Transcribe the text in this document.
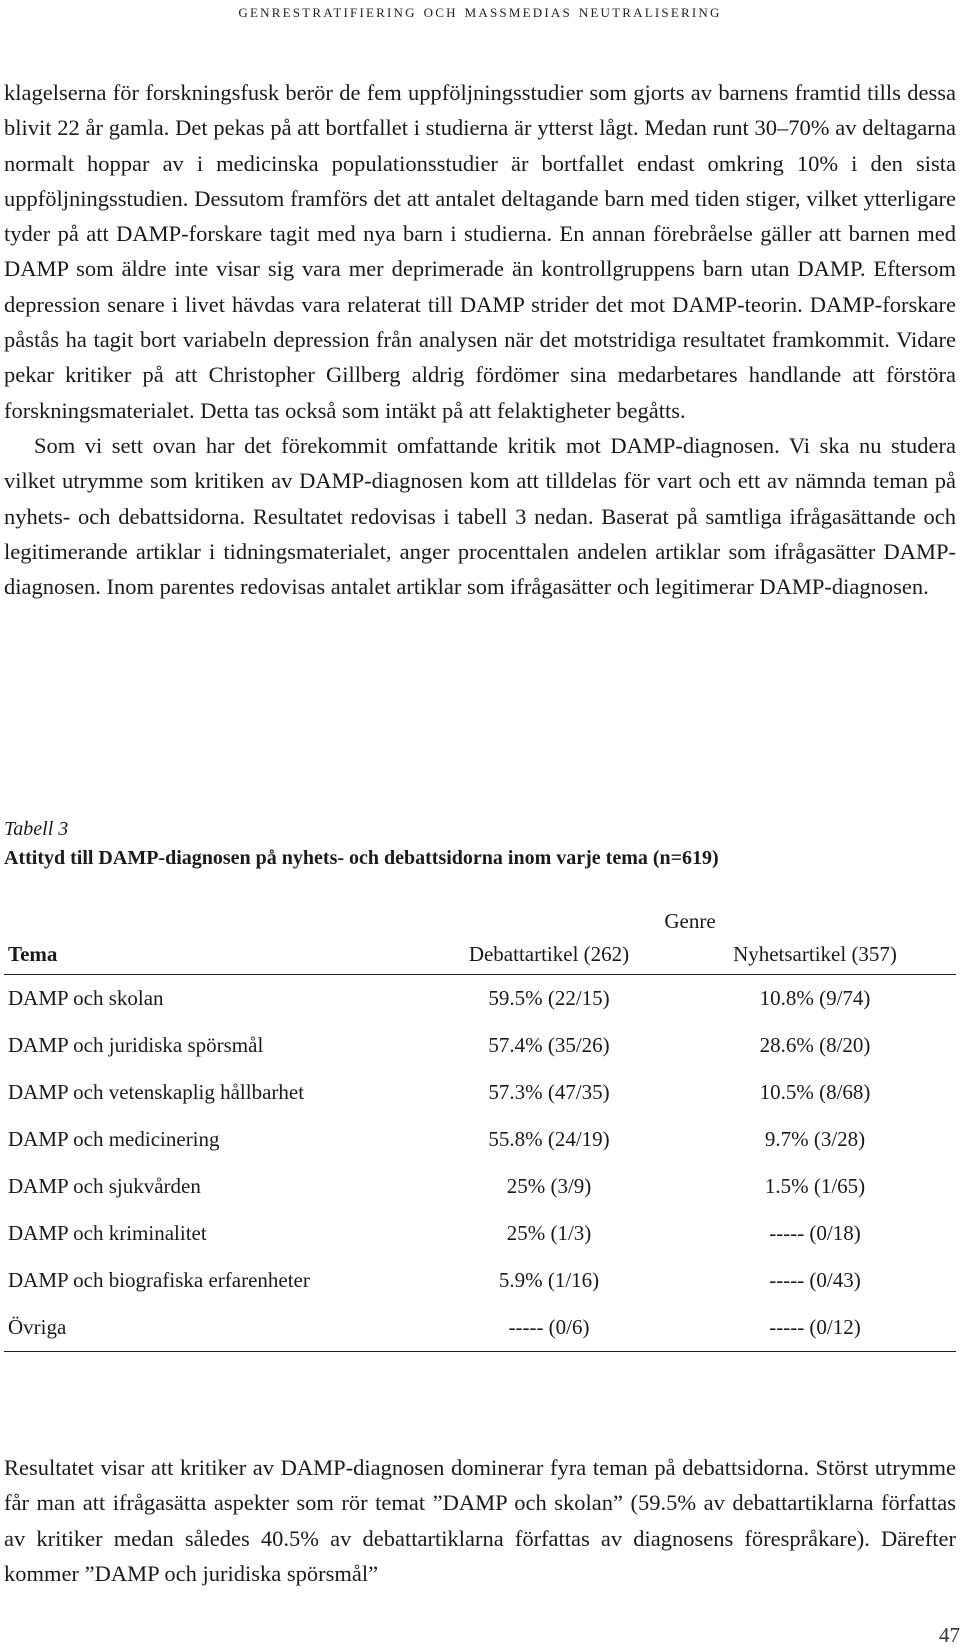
genrestratifiering och massmedias neutralisering

klagelserna för forskningsfusk berör de fem uppföljningsstudier som gjorts av barnens framtid tills dessa blivit 22 år gamla. Det pekas på att bortfallet i studierna är ytterst lågt. Medan runt 30–70% av deltagarna normalt hoppar av i medicinska populationsstudier är bortfallet endast omkring 10% i den sista uppföljningsstudien. Dessutom framförs det att antalet deltagande barn med tiden stiger, vilket ytterligare tyder på att DAMP-forskare tagit med nya barn i studierna. En annan förebråelse gäller att barnen med DAMP som äldre inte visar sig vara mer deprimerade än kontrollgruppens barn utan DAMP. Eftersom depression senare i livet hävdas vara relaterat till DAMP strider det mot DAMP-teorin. DAMP-forskare påstås ha tagit bort variabeln depression från analysen när det motstridiga resultatet framkommit. Vidare pekar kritiker på att Christopher Gillberg aldrig fördömer sina medarbetares handlande att förstöra forskningsmaterialet. Detta tas också som intäkt på att felaktigheter begåtts.

Som vi sett ovan har det förekommit omfattande kritik mot DAMP-diagnosen. Vi ska nu studera vilket utrymme som kritiken av DAMP-diagnosen kom att tilldelas för vart och ett av nämnda teman på nyhets- och debattsidorna. Resultatet redovisas i tabell 3 nedan. Baserat på samtliga ifrågasättande och legitimerande artiklar i tidningsmaterialet, anger procenttalen andelen artiklar som ifrågasätter DAMP-diagnosen. Inom parentes redovisas antalet artiklar som ifrågasätter och legitimerar DAMP-diagnosen.

Tabell 3
Attityd till DAMP-diagnosen på nyhets- och debattsidorna inom varje tema (n=619)
	Genre	
Tema	Debattartikel (262)	Nyhetsartikel (357)
DAMP och skolan	59.5% (22/15)	10.8% (9/74)
DAMP och juridiska spörsmål	57.4% (35/26)	28.6% (8/20)
DAMP och vetenskaplig hållbarhet	57.3% (47/35)	10.5% (8/68)
DAMP och medicinering	55.8% (24/19)	9.7% (3/28)
DAMP och sjukvården	25% (3/9)	1.5% (1/65)
DAMP och kriminalitet	25% (1/3)	----- (0/18)
DAMP och biografiska erfarenheter	5.9% (1/16)	----- (0/43)
Övriga	----- (0/6)	----- (0/12)

Resultatet visar att kritiker av DAMP-diagnosen dominerar fyra teman på debattsidorna. Störst utrymme får man att ifrågasätta aspekter som rör temat ”DAMP och skolan” (59.5% av debattartiklarna författas av kritiker medan således 40.5% av debattartiklarna författas av diagnosens förespråkare). Därefter kommer ”DAMP och juridiska spörsmål”

47
